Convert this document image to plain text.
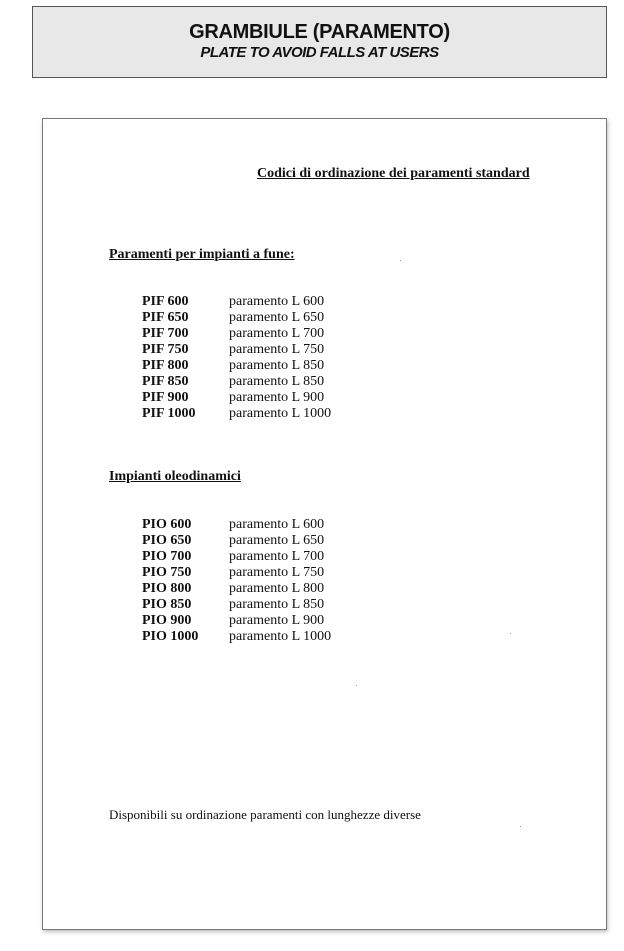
GRAMBIULE (PARAMENTO)
PLATE TO AVOID FALLS AT USERS
Codici di ordinazione dei paramenti standard
Paramenti per impianti a fune:
PIF 600	paramento L 600
PIF 650	paramento L 650
PIF 700	paramento L 700
PIF 750	paramento L 750
PIF 800	paramento L 850
PIF 850	paramento L 850
PIF 900	paramento L 900
PIF 1000 paramento L 1000
Impianti oleodinamici
PIO 600	paramento L 600
PIO 650	paramento L 650
PIO 700	paramento L 700
PIO 750	paramento L 750
PIO 800	paramento L 800
PIO 850	paramento L 850
PIO 900	paramento L 900
PIO 1000 paramento L 1000
Disponibili su ordinazione paramenti con lunghezze diverse
